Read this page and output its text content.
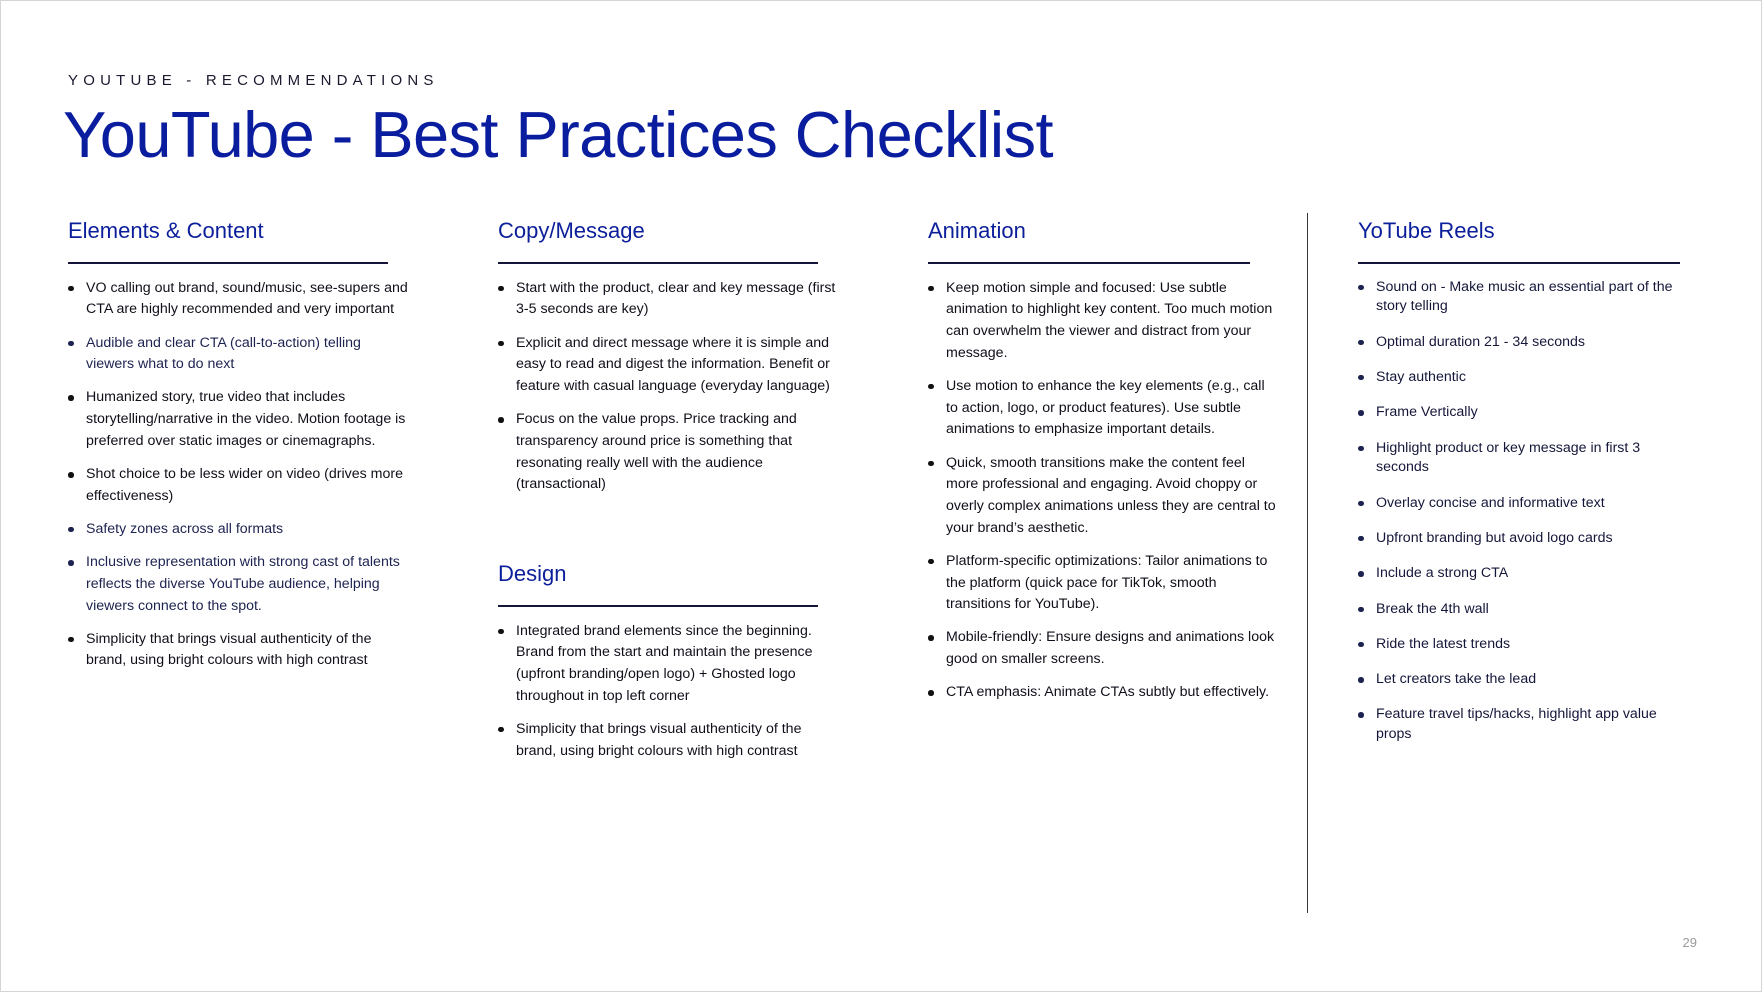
YOUTUBE - RECOMMENDATIONS
YouTube - Best Practices Checklist
Elements & Content
VO calling out brand, sound/music, see-supers and CTA are highly recommended and very important
Audible and clear CTA (call-to-action) telling viewers what to do next
Humanized story, true video that includes storytelling/narrative in the video. Motion footage is preferred over static images or cinemagraphs.
Shot choice to be less wider on video (drives more effectiveness)
Safety zones across all formats
Inclusive representation with strong cast of talents reflects the diverse YouTube audience, helping viewers connect to the spot.
Simplicity that brings visual authenticity of the brand, using bright colours with high contrast
Copy/Message
Start with the product, clear and key message (first 3-5 seconds are key)
Explicit and direct message where it is simple and easy to read and digest the information. Benefit or feature with casual language (everyday language)
Focus on the value props. Price tracking and transparency around price is something that resonating really well with the audience (transactional)
Design
Integrated brand elements since the beginning. Brand from the start and maintain the presence (upfront branding/open logo) + Ghosted logo throughout in top left corner
Simplicity that brings visual authenticity of the brand, using bright colours with high contrast
Animation
Keep motion simple and focused: Use subtle animation to highlight key content. Too much motion can overwhelm the viewer and distract from your message.
Use motion to enhance the key elements (e.g., call to action, logo, or product features). Use subtle animations to emphasize important details.
Quick, smooth transitions make the content feel more professional and engaging. Avoid choppy or overly complex animations unless they are central to your brand’s aesthetic.
Platform-specific optimizations: Tailor animations to the platform (quick pace for TikTok, smooth transitions for YouTube).
Mobile-friendly: Ensure designs and animations look good on smaller screens.
CTA emphasis: Animate CTAs subtly but effectively.
YoTube Reels
Sound on - Make music an essential part of the story telling
Optimal duration 21 - 34 seconds
Stay authentic
Frame Vertically
Highlight product or key message in first 3 seconds
Overlay concise and informative text
Upfront branding but avoid logo cards
Include a strong CTA
Break the 4th wall
Ride the latest trends
Let creators take the lead
Feature travel tips/hacks, highlight app value props
29
